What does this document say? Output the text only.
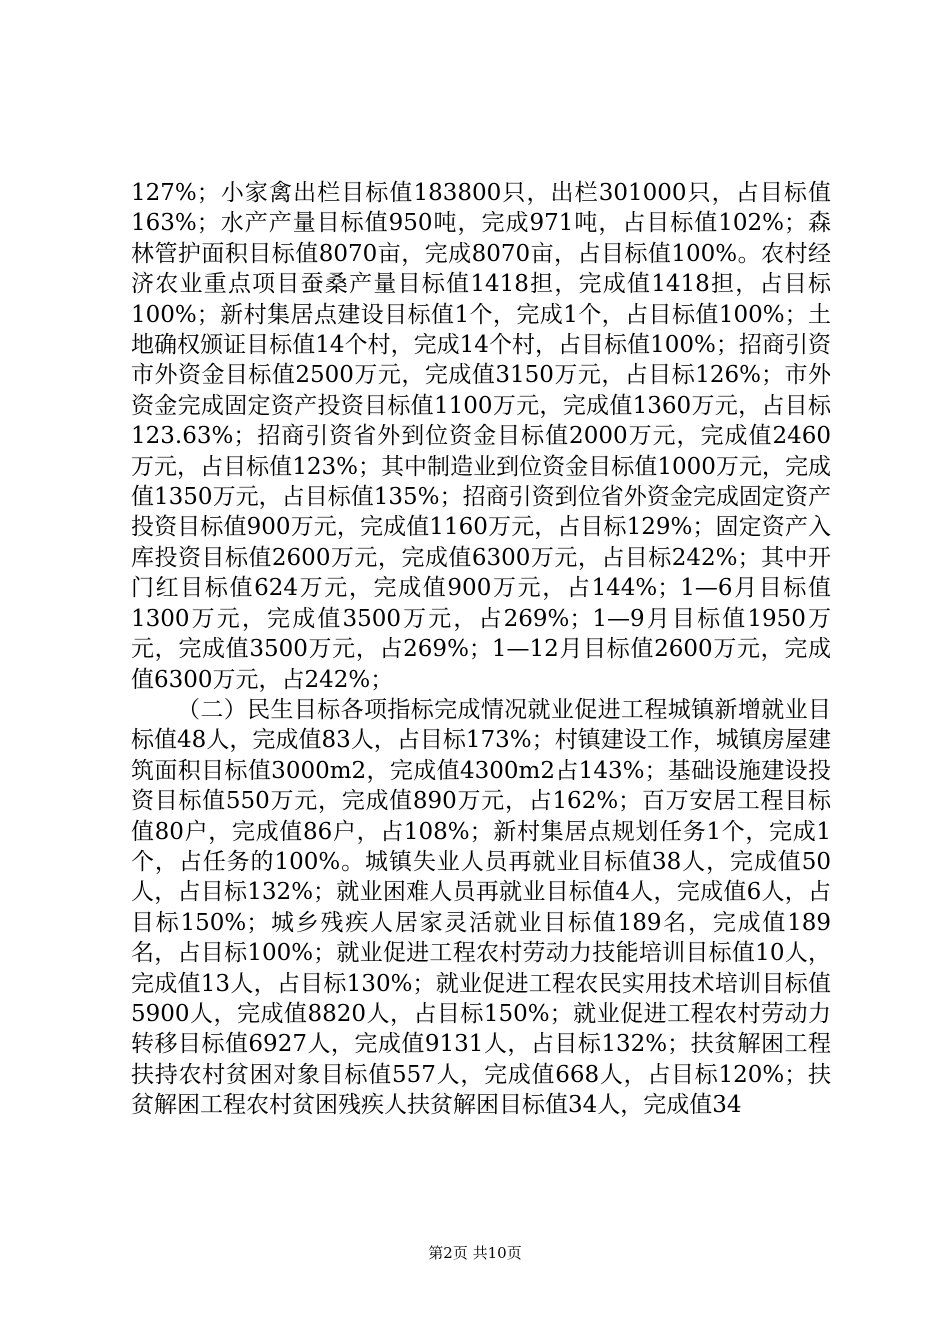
127%；小家禽出栏目标值183800只，出栏301000只，占目标值163%；水产产量目标值950吨，完成971吨，占目标值102%；森林管护面积目标值8070亩，完成8070亩，占目标值100%。农村经济农业重点项目蚕桑产量目标值1418担，完成值1418担，占目标100%；新村集居点建设目标值1个，完成1个，占目标值100%；土地确权颁证目标值14个村，完成14个村，占目标值100%；招商引资市外资金目标值2500万元，完成值3150万元，占目标126%；市外资金完成固定资产投资目标值1100万元，完成值1360万元，占目标123.63%；招商引资省外到位资金目标值2000万元，完成值2460万元，占目标值123%；其中制造业到位资金目标值1000万元，完成值1350万元，占目标值135%；招商引资到位省外资金完成固定资产投资目标值900万元，完成值1160万元，占目标129%；固定资产入库投资目标值2600万元，完成值6300万元，占目标242%；其中开门红目标值624万元，完成值900万元，占144%；1—6月目标值1300万元，完成值3500万元，占269%；1—9月目标值1950万元，完成值3500万元，占269%；1—12月目标值2600万元，完成值6300万元，占242%；

（二）民生目标各项指标完成情况就业促进工程城镇新增就业目标值48人，完成值83人，占目标173%；村镇建设工作，城镇房屋建筑面积目标值3000m2，完成值4300m2占143%；基础设施建设投资目标值550万元，完成值890万元，占162%；百万安居工程目标值80户，完成值86户，占108%；新村集居点规划任务1个，完成1个，占任务的100%。城镇失业人员再就业目标值38人，完成值50人，占目标132%；就业困难人员再就业目标值4人，完成值6人，占目标150%；城乡残疾人居家灵活就业目标值189名，完成值189名，占目标100%；就业促进工程农村劳动力技能培训目标值10人，完成值13人，占目标130%；就业促进工程农民实用技术培训目标值5900人，完成值8820人，占目标150%；就业促进工程农村劳动力转移目标值6927人，完成值9131人，占目标132%；扶贫解困工程扶持农村贫困对象目标值557人，完成值668人，占目标120%；扶贫解困工程农村贫困残疾人扶贫解困目标值34人，完成值34

第2页 共10页
